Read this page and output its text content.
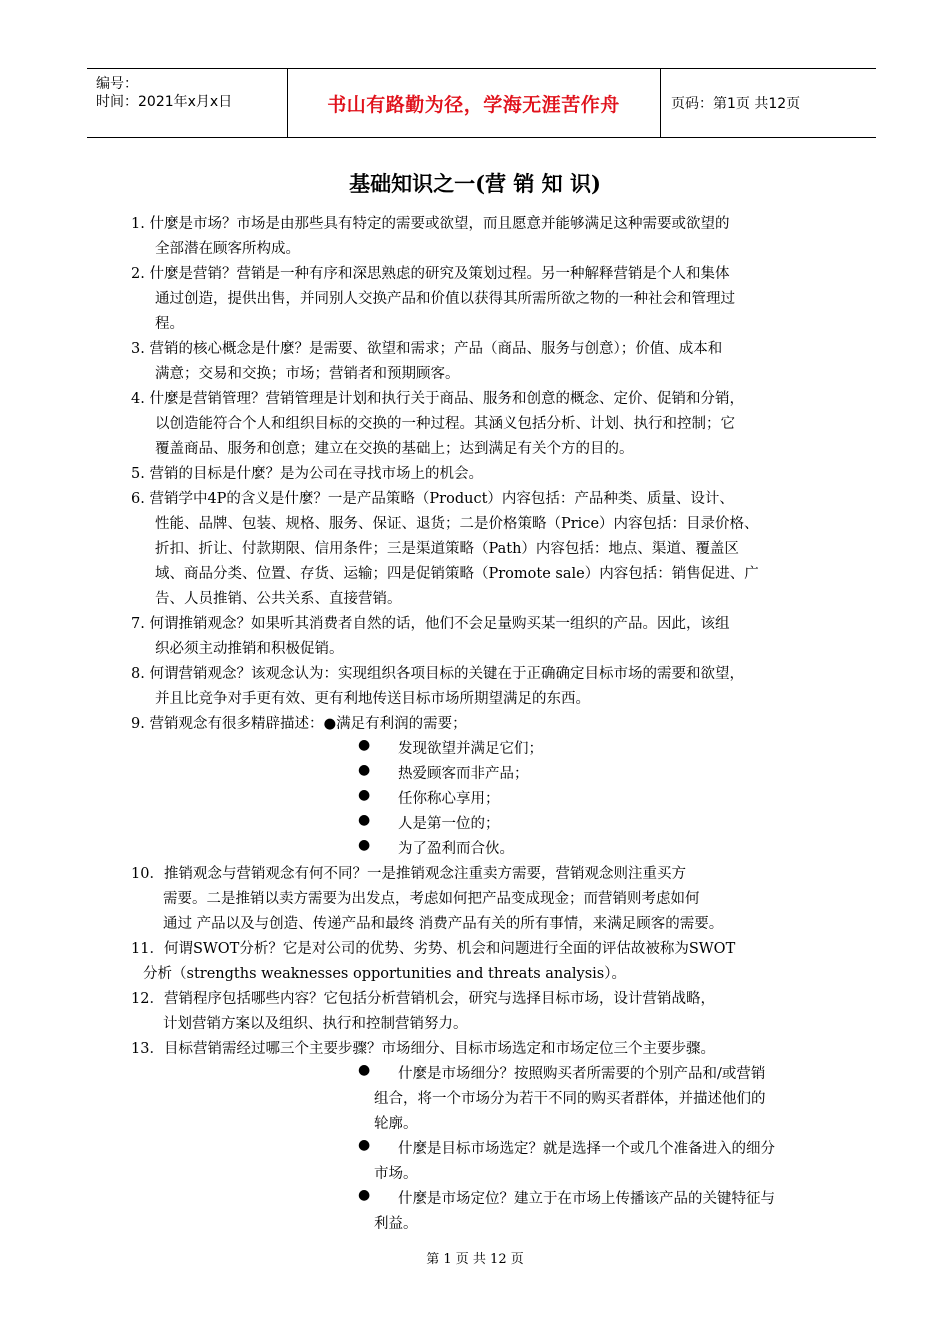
编号：
时间：2021年x月x日	书山有路勤为径，学海无涯苦作舟	页码：第1页 共12页
基础知识之一(营 销 知 识)
1. 什麼是市场？市场是由那些具有特定的需要或欲望，而且愿意并能够满足这种需要或欲望的
全部潜在顾客所构成。
2. 什麼是营销？营销是一种有序和深思熟虑的研究及策划过程。另一种解释营销是个人和集体
通过创造，提供出售，并同别人交换产品和价值以获得其所需所欲之物的一种社会和管理过
程。
3. 营销的核心概念是什麼？是需要、欲望和需求；产品（商品、服务与创意）；价值、成本和
满意；交易和交换；市场；营销者和预期顾客。
4. 什麼是营销管理？营销管理是计划和执行关于商品、服务和创意的概念、定价、促销和分销，
以创造能符合个人和组织目标的交换的一种过程。其涵义包括分析、计划、执行和控制；它
覆盖商品、服务和创意；建立在交换的基础上；达到满足有关个方的目的。
5. 营销的目标是什麼？是为公司在寻找市场上的机会。
6. 营销学中4P的含义是什麼？一是产品策略（Product）内容包括：产品种类、质量、设计、
性能、品牌、包装、规格、服务、保证、退货；二是价格策略（Price）内容包括：目录价格、
折扣、折让、付款期限、信用条件；三是渠道策略（Path）内容包括：地点、渠道、覆盖区
域、商品分类、位置、存货、运输；四是促销策略（Promote sale）内容包括：销售促进、广
告、人员推销、公共关系、直接营销。
7. 何谓推销观念？如果听其消费者自然的话，他们不会足量购买某一组织的产品。因此，该组
织必须主动推销和积极促销。
8. 何谓营销观念？该观念认为：实现组织各项目标的关键在于正确确定目标市场的需要和欲望，
并且比竞争对手更有效、更有利地传送目标市场所期望满足的东西。
9. 营销观念有很多精辟描述：●满足有利润的需要；
● 发现欲望并满足它们；
● 热爱顾客而非产品；
● 任你称心享用；
● 人是第一位的；
● 为了盈利而合伙。
10．推销观念与营销观念有何不同？一是推销观念注重卖方需要，营销观念则注重买方
需要。二是推销以卖方需要为出发点，考虑如何把产品变成现金；而营销则考虑如何
通过 产品以及与创造、传递产品和最终 消费产品有关的所有事情，来满足顾客的需要。
11．何谓SWOT分析？它是对公司的优势、劣势、机会和问题进行全面的评估故被称为SWOT
分析（strengths weaknesses opportunities and threats analysis）。
12．营销程序包括哪些内容？它包括分析营销机会，研究与选择目标市场，设计营销战略，
计划营销方案以及组织、执行和控制营销努力。
13．目标营销需经过哪三个主要步骤？市场细分、目标市场选定和市场定位三个主要步骤。
● 什麼是市场细分？按照购买者所需要的个别产品和/或营销
组合，将一个市场分为若干不同的购买者群体，并描述他们的
轮廓。
● 什麼是目标市场选定？就是选择一个或几个准备进入的细分
市场。
● 什麼是市场定位？建立于在市场上传播该产品的关键特征与
利益。
第 1 页 共 12 页
